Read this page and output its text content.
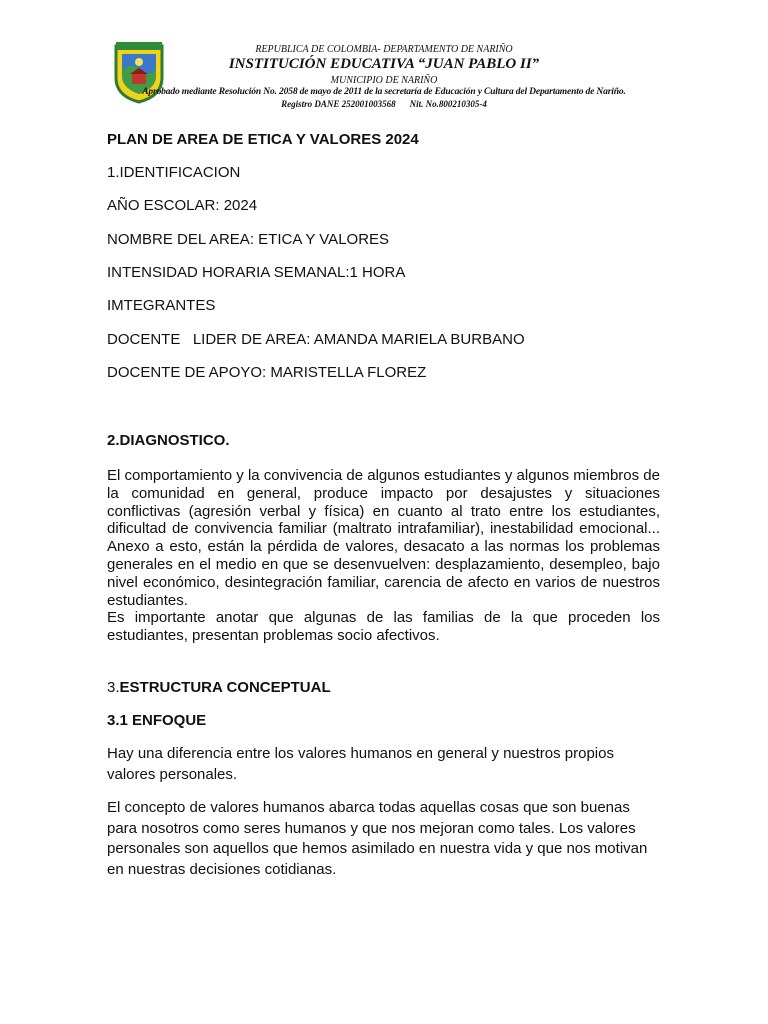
REPUBLICA DE COLOMBIA- DEPARTAMENTO DE NARIÑO
INSTITUCIÓN EDUCATIVA “JUAN PABLO II”
MUNICIPIO DE NARIÑO
Aprobado mediante Resolución No. 2058 de mayo de 2011 de la secretaría de Educación y Cultura del Departamento de Nariño.
Registro DANE 252001003568 Nit. No.800210305-4
PLAN DE AREA DE ETICA Y VALORES 2024
1.IDENTIFICACION
AÑO ESCOLAR: 2024
NOMBRE DEL AREA: ETICA Y VALORES
INTENSIDAD HORARIA SEMANAL:1 HORA
IMTEGRANTES
DOCENTE   LIDER DE AREA: AMANDA MARIELA BURBANO
DOCENTE DE APOYO: MARISTELLA FLOREZ
2.DIAGNOSTICO.
El comportamiento y la convivencia de algunos estudiantes y algunos miembros de la comunidad en general, produce impacto por desajustes y situaciones conflictivas (agresión verbal y física) en cuanto al trato entre los estudiantes, dificultad de convivencia familiar (maltrato intrafamiliar), inestabilidad emocional... Anexo a esto, están la pérdida de valores, desacato a las normas los problemas generales en el medio en que se desenvuelven: desplazamiento, desempleo, bajo nivel económico, desintegración familiar, carencia de afecto en varios de nuestros estudiantes.
Es importante anotar que algunas de las familias de la que proceden los estudiantes, presentan problemas socio afectivos.
3.ESTRUCTURA CONCEPTUAL
3.1 ENFOQUE
Hay una diferencia entre los valores humanos en general y nuestros propios valores personales.
El concepto de valores humanos abarca todas aquellas cosas que son buenas para nosotros como seres humanos y que nos mejoran como tales. Los valores personales son aquellos que hemos asimilado en nuestra vida y que nos motivan en nuestras decisiones cotidianas.
